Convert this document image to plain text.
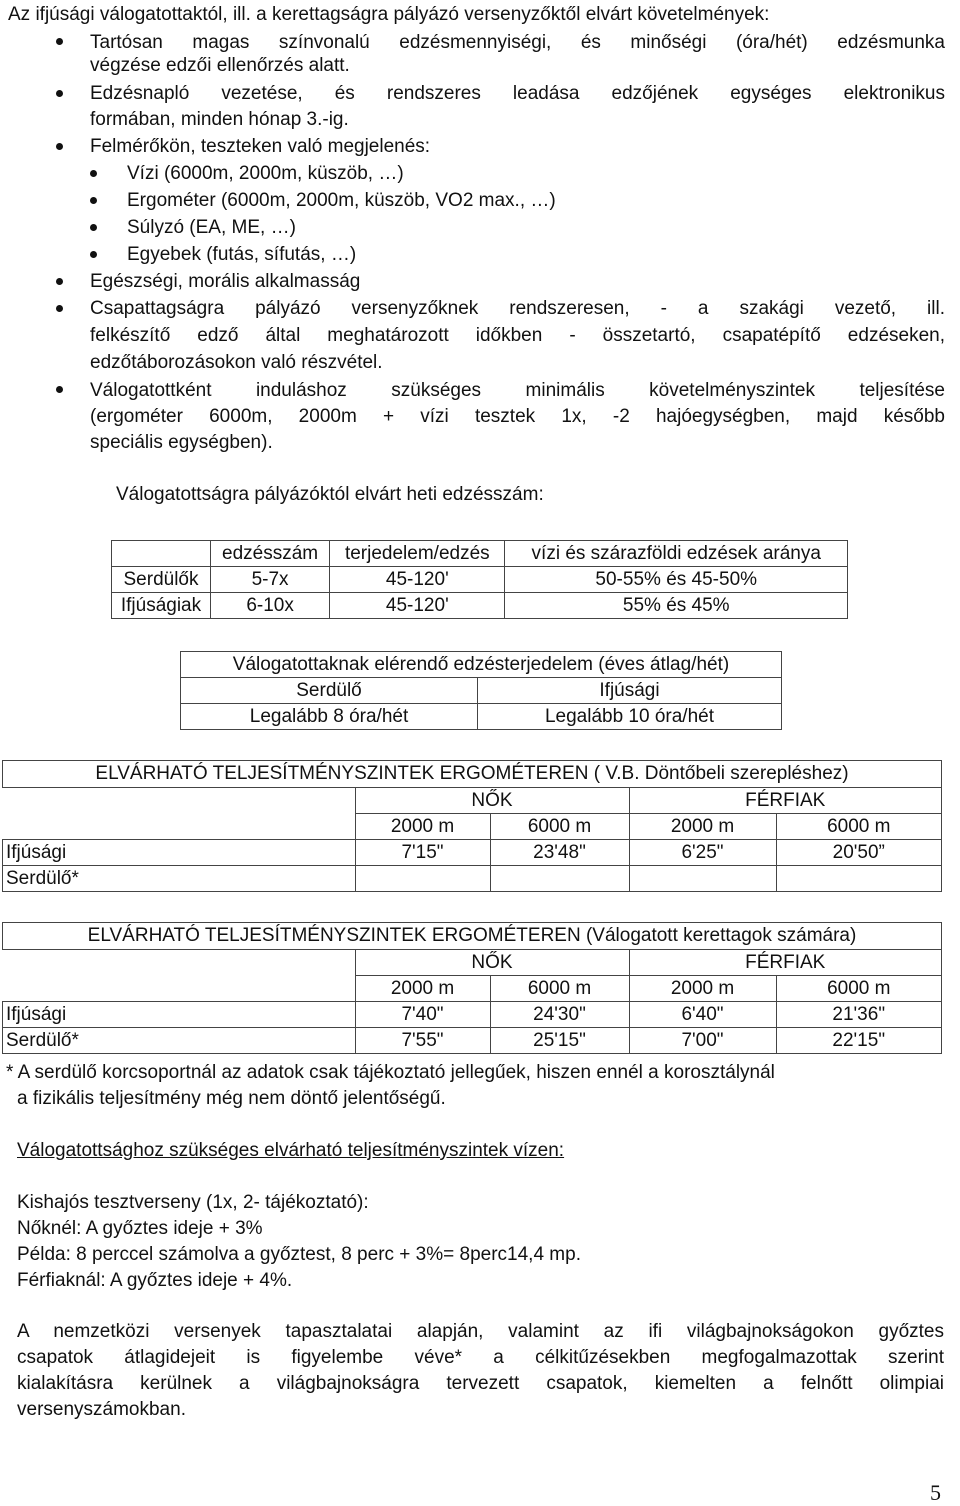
Az ifjúsági válogatottaktól, ill. a kerettagságra pályázó versenyzőktől elvárt követelmények:
Tartósan magas színvonalú edzésmennyiségi, és minőségi (óra/hét) edzésmunka
végzése edzői ellenőrzés alatt.
Edzésnapló vezetése, és rendszeres leadása edzőjének egységes elektronikus
formában, minden hónap 3.-ig.
Felmérőkön, teszteken való megjelenés:
Vízi (6000m, 2000m, küszöb, …)
Ergométer (6000m, 2000m, küszöb, VO2 max., …)
Súlyzó (EA, ME, …)
Egyebek (futás, sífutás, …)
Egészségi, morális alkalmasság
Csapattagságra pályázó versenyzőknek rendszeresen, - a szakági vezető, ill.
felkészítő edző által meghatározott időkben - összetartó, csapatépítő edzéseken,
edzőtáborozásokon való részvétel.
Válogatottként induláshoz szükséges minimális követelményszintek teljesítése
(ergométer 6000m, 2000m + vízi tesztek 1x, -2 hajóegységben, majd később
speciális egységben).
Válogatottságra pályázóktól elvárt heti edzésszám:
	edzésszám	terjedelem/edzés	vízi és szárazföldi edzések aránya
Serdülők	5-7x	45-120'	50-55% és 45-50%
Ifjúságiak	6-10x	45-120'	55% és 45%
Válogatottaknak elérendő edzésterjedelem (éves átlag/hét)	
Serdülő	Ifjúsági
Legalább 8 óra/hét	Legalább 10 óra/hét
ELVÁRHATÓ TELJESÍTMÉNYSZINTEK ERGOMÉTEREN ( V.B. Döntőbeli szerepléshez)				
	NŐK		FÉRFIAK	
	2000 m	6000 m	2000 m	6000 m
Ifjúsági	7'15"	23'48"	6'25"	20'50”
Serdülő*				
ELVÁRHATÓ TELJESÍTMÉNYSZINTEK ERGOMÉTEREN (Válogatott kerettagok számára)				
	NŐK		FÉRFIAK	
	2000 m	6000 m	2000 m	6000 m
Ifjúsági	7'40"	24'30"	6'40"	21'36"
Serdülő*	7'55"	25'15"	7'00"	22'15"
* A serdülő korcsoportnál az adatok csak tájékoztató jellegűek, hiszen ennél a korosztálynál
a fizikális teljesítmény még nem döntő jelentőségű.
Válogatottsághoz szükséges elvárható teljesítményszintek vízen:
Kishajós tesztverseny (1x, 2- tájékoztató):
Nőknél: A győztes ideje + 3%
Példa: 8 perccel számolva a győztest, 8 perc + 3%= 8perc14,4 mp.
Férfiaknál: A győztes ideje + 4%.
A nemzetközi versenyek tapasztalatai alapján, valamint az ifi világbajnokságokon győztes
csapatok átlagidejeit is figyelembe véve* a célkitűzésekben megfogalmazottak szerint
kialakításra kerülnek a világbajnokságra tervezett csapatok, kiemelten a felnőtt olimpiai
versenyszámokban.
5
